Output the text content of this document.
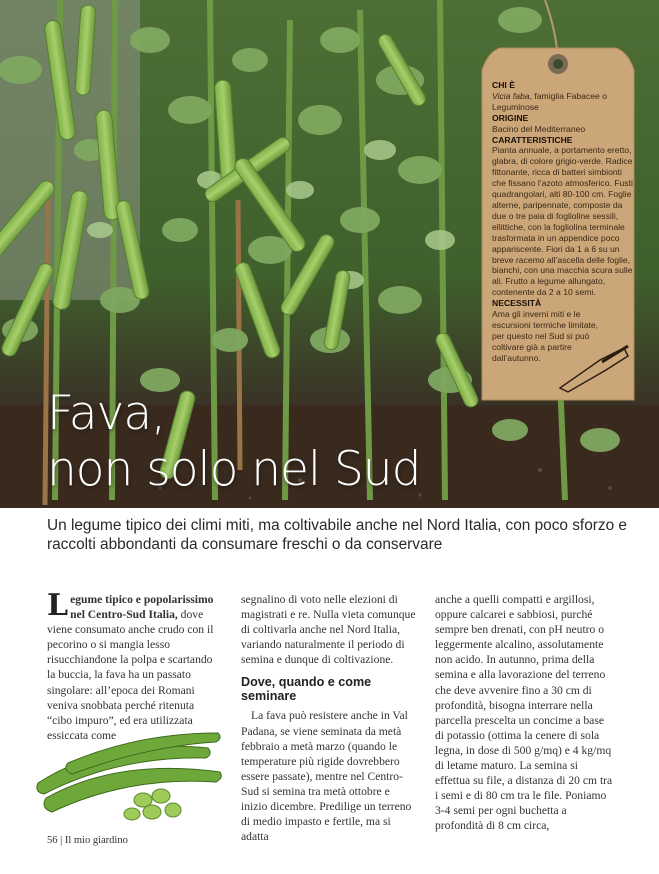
CHI È
Vicia faba, famiglia Fabacee o Leguminose
ORIGINE
Bacino del Mediterraneo
CARATTERISTICHE
Pianta annuale, a portamento eretto, glabra, di colore grigio-verde. Radice fittonante, ricca di batteri simbionti che fissano l’azoto atmosferico. Fusti quadrangolari, alti 80-100 cm. Foglie alterne, paripennate, composte da due o tre paia di foglioline sessili, ellittiche, con la fogliolina terminale trasformata in un appendice poco appariscente. Fiori da 1 a 6 su un breve racemo all’ascella delle foglie, bianchi, con una macchia scura sulle ali. Frutto a legume allungato, contenente da 2 a 10 semi.
NECESSITÀ
Ama gli inverni miti e le escursioni termiche limitate, per questo nel Sud si può coltivare già a partire dall’autunno.
Fava,
non solo nel Sud
Un legume tipico dei climi miti, ma coltivabile anche nel Nord Italia, con poco sforzo e raccolti abbondanti da consumare freschi o da conservare

Legume tipico e popolarissimo nel Centro-Sud Italia, dove viene consumato anche crudo con il pecorino o si mangia lesso risucchiandone la polpa e scartando la buccia, la fava ha un passato singolare: all’epoca dei Romani veniva snobbata perché ritenuta “cibo impuro”, ed era utilizzata essiccata come

segnalino di voto nelle elezioni di magistrati e re. Nulla vieta comunque di coltivarla anche nel Nord Italia, variando naturalmente il periodo di semina e dunque di coltivazione.

Dove, quando e come seminare

La fava può resistere anche in Val Padana, se viene seminata da metà febbraio a metà marzo (quando le temperature più rigide dovrebbero essere passate), mentre nel Centro-Sud si semina tra metà ottobre e inizio dicembre. Predilige un terreno di medio impasto e fertile, ma si adatta

anche a quelli compatti e argillosi, oppure calcarei e sabbiosi, purché sempre ben drenati, con pH neutro o leggermente alcalino, assolutamente non acido. In autunno, prima della semina e alla lavorazione del terreno che deve avvenire fino a 30 cm di profondità, bisogna interrare nella parcella prescelta un concime a base di potassio (ottima la cenere di sola legna, in dose di 500 g/mq) e 4 kg/mq di letame maturo. La semina si effettua su file, a distanza di 20 cm tra i semi e di 80 cm tra le file. Poniamo 3-4 semi per ogni buchetta a profondità di 8 cm circa,

56 | Il mio giardino
